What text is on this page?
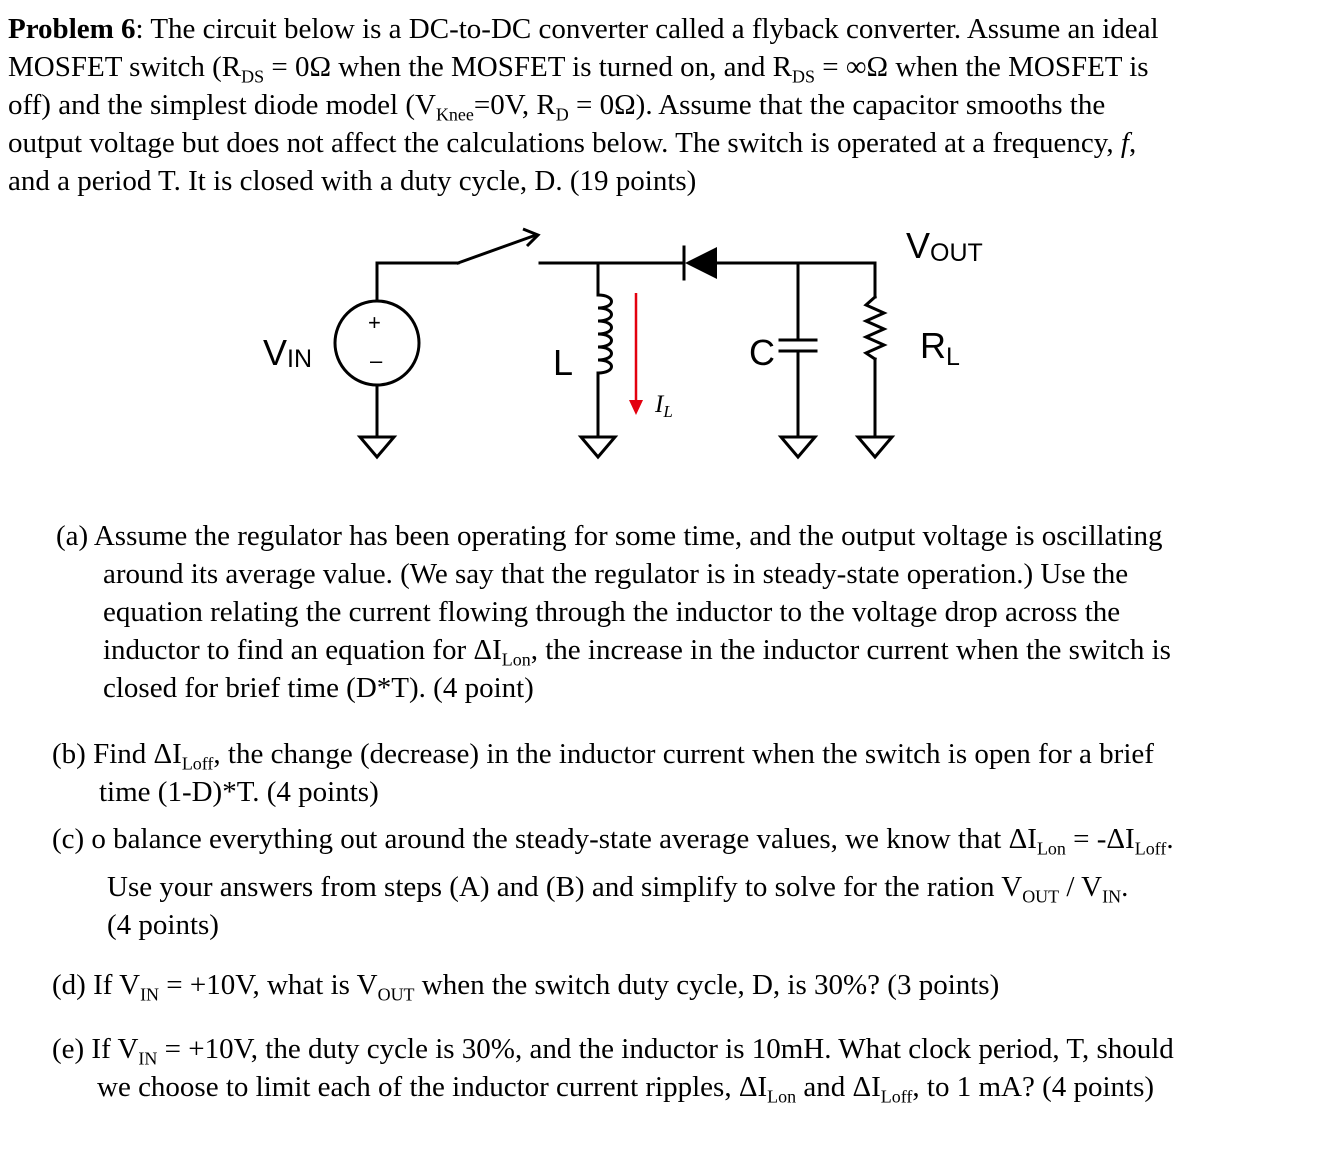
Problem 6: The circuit below is a DC-to-DC converter called a flyback converter. Assume an ideal
MOSFET switch ($R_{DS} = 0\Omega$ when the MOSFET is turned on, and $R_{DS} = \infty\Omega$ when the MOSFET is
off) and the simplest diode model ($V_{Knee}=0V$, $R_D = 0\Omega$). Assume that the capacitor smooths the
output voltage but does not affect the calculations below. The switch is operated at a frequency, f,
and a period T. It is closed with a duty cycle, D. (19 points)
+
–
VIN	L	C
VOUT
RL
$I_L$
(a) Assume the regulator has been operating for some time, and the output voltage is oscillating
around its average value. (We say that the regulator is in steady-state operation.) Use the
equation relating the current flowing through the inductor to the voltage drop across the
inductor to find an equation for $\Delta I_{Lon}$, the increase in the inductor current when the switch is
closed for brief time (D*T). (4 point)
(b) Find $\Delta I_{Loff}$, the change (decrease) in the inductor current when the switch is open for a brief
time (1-D)*T. (4 points)
(c) o balance everything out around the steady-state average values, we know that $\Delta I_{Lon} = -\Delta I_{Loff}$.
Use your answers from steps (A) and (B) and simplify to solve for the ration $V_{OUT} / V_{IN}$.
(4 points)
(d) If $V_{IN} = +10V$, what is $V_{OUT}$ when the switch duty cycle, D, is 30%? (3 points)
(e) If $V_{IN} = +10V$, the duty cycle is 30%, and the inductor is 10mH. What clock period, T, should
we choose to limit each of the inductor current ripples, $\Delta I_{Lon}$ and $\Delta I_{Loff}$, to 1 mA? (4 points)
